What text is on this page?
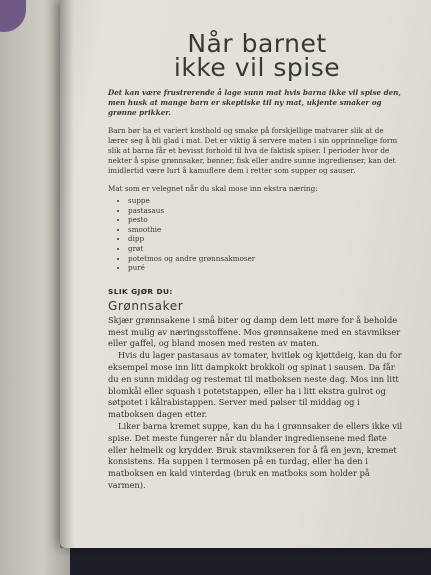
Når barnet
ikke vil spise

Det kan være frustrerende å lage sunn mat hvis barna ikke vil spise den, men husk at mange barn er skeptiske til ny mat, ukjente smaker og grønne prikker.

Barn bør ha et variert kosthold og smake på forskjellige matvarer slik at de lærer seg å bli glad i mat. Det er viktig å servere maten i sin opprinnelige form slik at barna får et bevisst forhold til hva de faktisk spiser. I perioder hvor de nekter å spise grønnsaker, bønner, fisk eller andre sunne ingredienser, kan det imidlertid være lurt å kamuflere dem i retter som supper og sauser.

Mat som er velegnet når du skal mose inn ekstra næring:

• suppe
• pastasaus
• pesto
• smoothie
• dipp
• grøt
• potetmos og andre grønnsakmoser
• puré
SLIK GJØR DU:
Grønnsaker

Skjær grønnsakene i små biter og damp dem lett møre for å beholde mest mulig av næringsstoffene. Mos grønnsakene med en stavmikser eller gaffel, og bland mosen med resten av maten.

Hvis du lager pastasaus av tomater, hvitløk og kjøttdeig, kan du for eksempel mose inn litt dampkokt brokkoli og spinat i sausen. Da får du en sunn middag og restemat til matboksen neste dag. Mos inn litt blomkål eller squash i potetstappen, eller ha i litt ekstra gulrot og søtpotet i kålrabistappen. Server med pølser til middag og i matboksen dagen etter.

Liker barna kremet suppe, kan du ha i grønnsaker de ellers ikke vil spise. Det meste fungerer når du blander ingrediensene med fløte eller helmelk og krydder. Bruk stavmikseren for å få en jevn, kremet konsistens. Ha suppen i termosen på en turdag, eller ha den i matboksen en kald vinterdag (bruk en matboks som holder på varmen).
